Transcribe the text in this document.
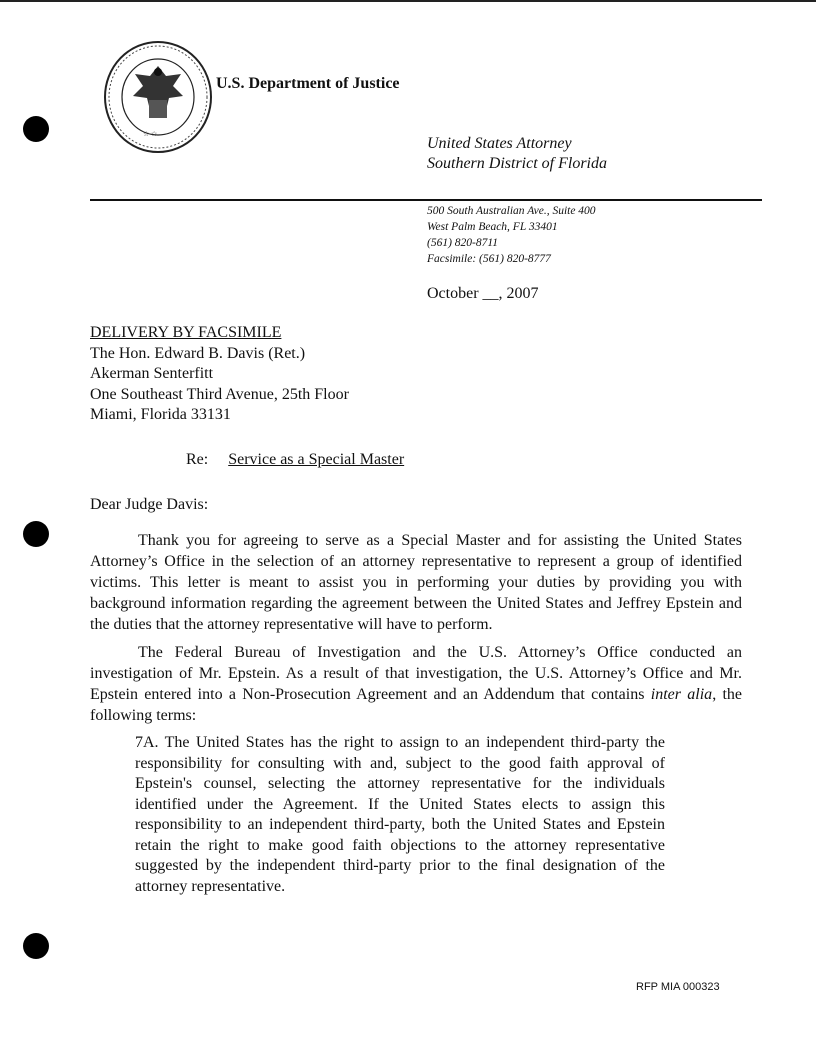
☆ ☆
U.S. Department of Justice
United States Attorney
Southern District of Florida
500 South Australian Ave., Suite 400
West Palm Beach, FL 33401
(561) 820-8711
Facsimile: (561) 820-8777
October __, 2007
DELIVERY BY FACSIMILE
The Hon. Edward B. Davis (Ret.)
Akerman Senterfitt
One Southeast Third Avenue, 25th Floor
Miami, Florida 33131
Re: Service as a Special Master
Dear Judge Davis:

Thank you for agreeing to serve as a Special Master and for assisting the United States Attorney’s Office in the selection of an attorney representative to represent a group of identified victims. This letter is meant to assist you in performing your duties by providing you with background information regarding the agreement between the United States and Jeffrey Epstein and the duties that the attorney representative will have to perform.

The Federal Bureau of Investigation and the U.S. Attorney’s Office conducted an investigation of Mr. Epstein. As a result of that investigation, the U.S. Attorney’s Office and Mr. Epstein entered into a Non-Prosecution Agreement and an Addendum that contains inter alia, the following terms:

7A. The United States has the right to assign to an independent third-party the responsibility for consulting with and, subject to the good faith approval of Epstein's counsel, selecting the attorney representative for the individuals identified under the Agreement. If the United States elects to assign this responsibility to an independent third-party, both the United States and Epstein retain the right to make good faith objections to the attorney representative suggested by the independent third-party prior to the final designation of the attorney representative.

RFP MIA 000323
